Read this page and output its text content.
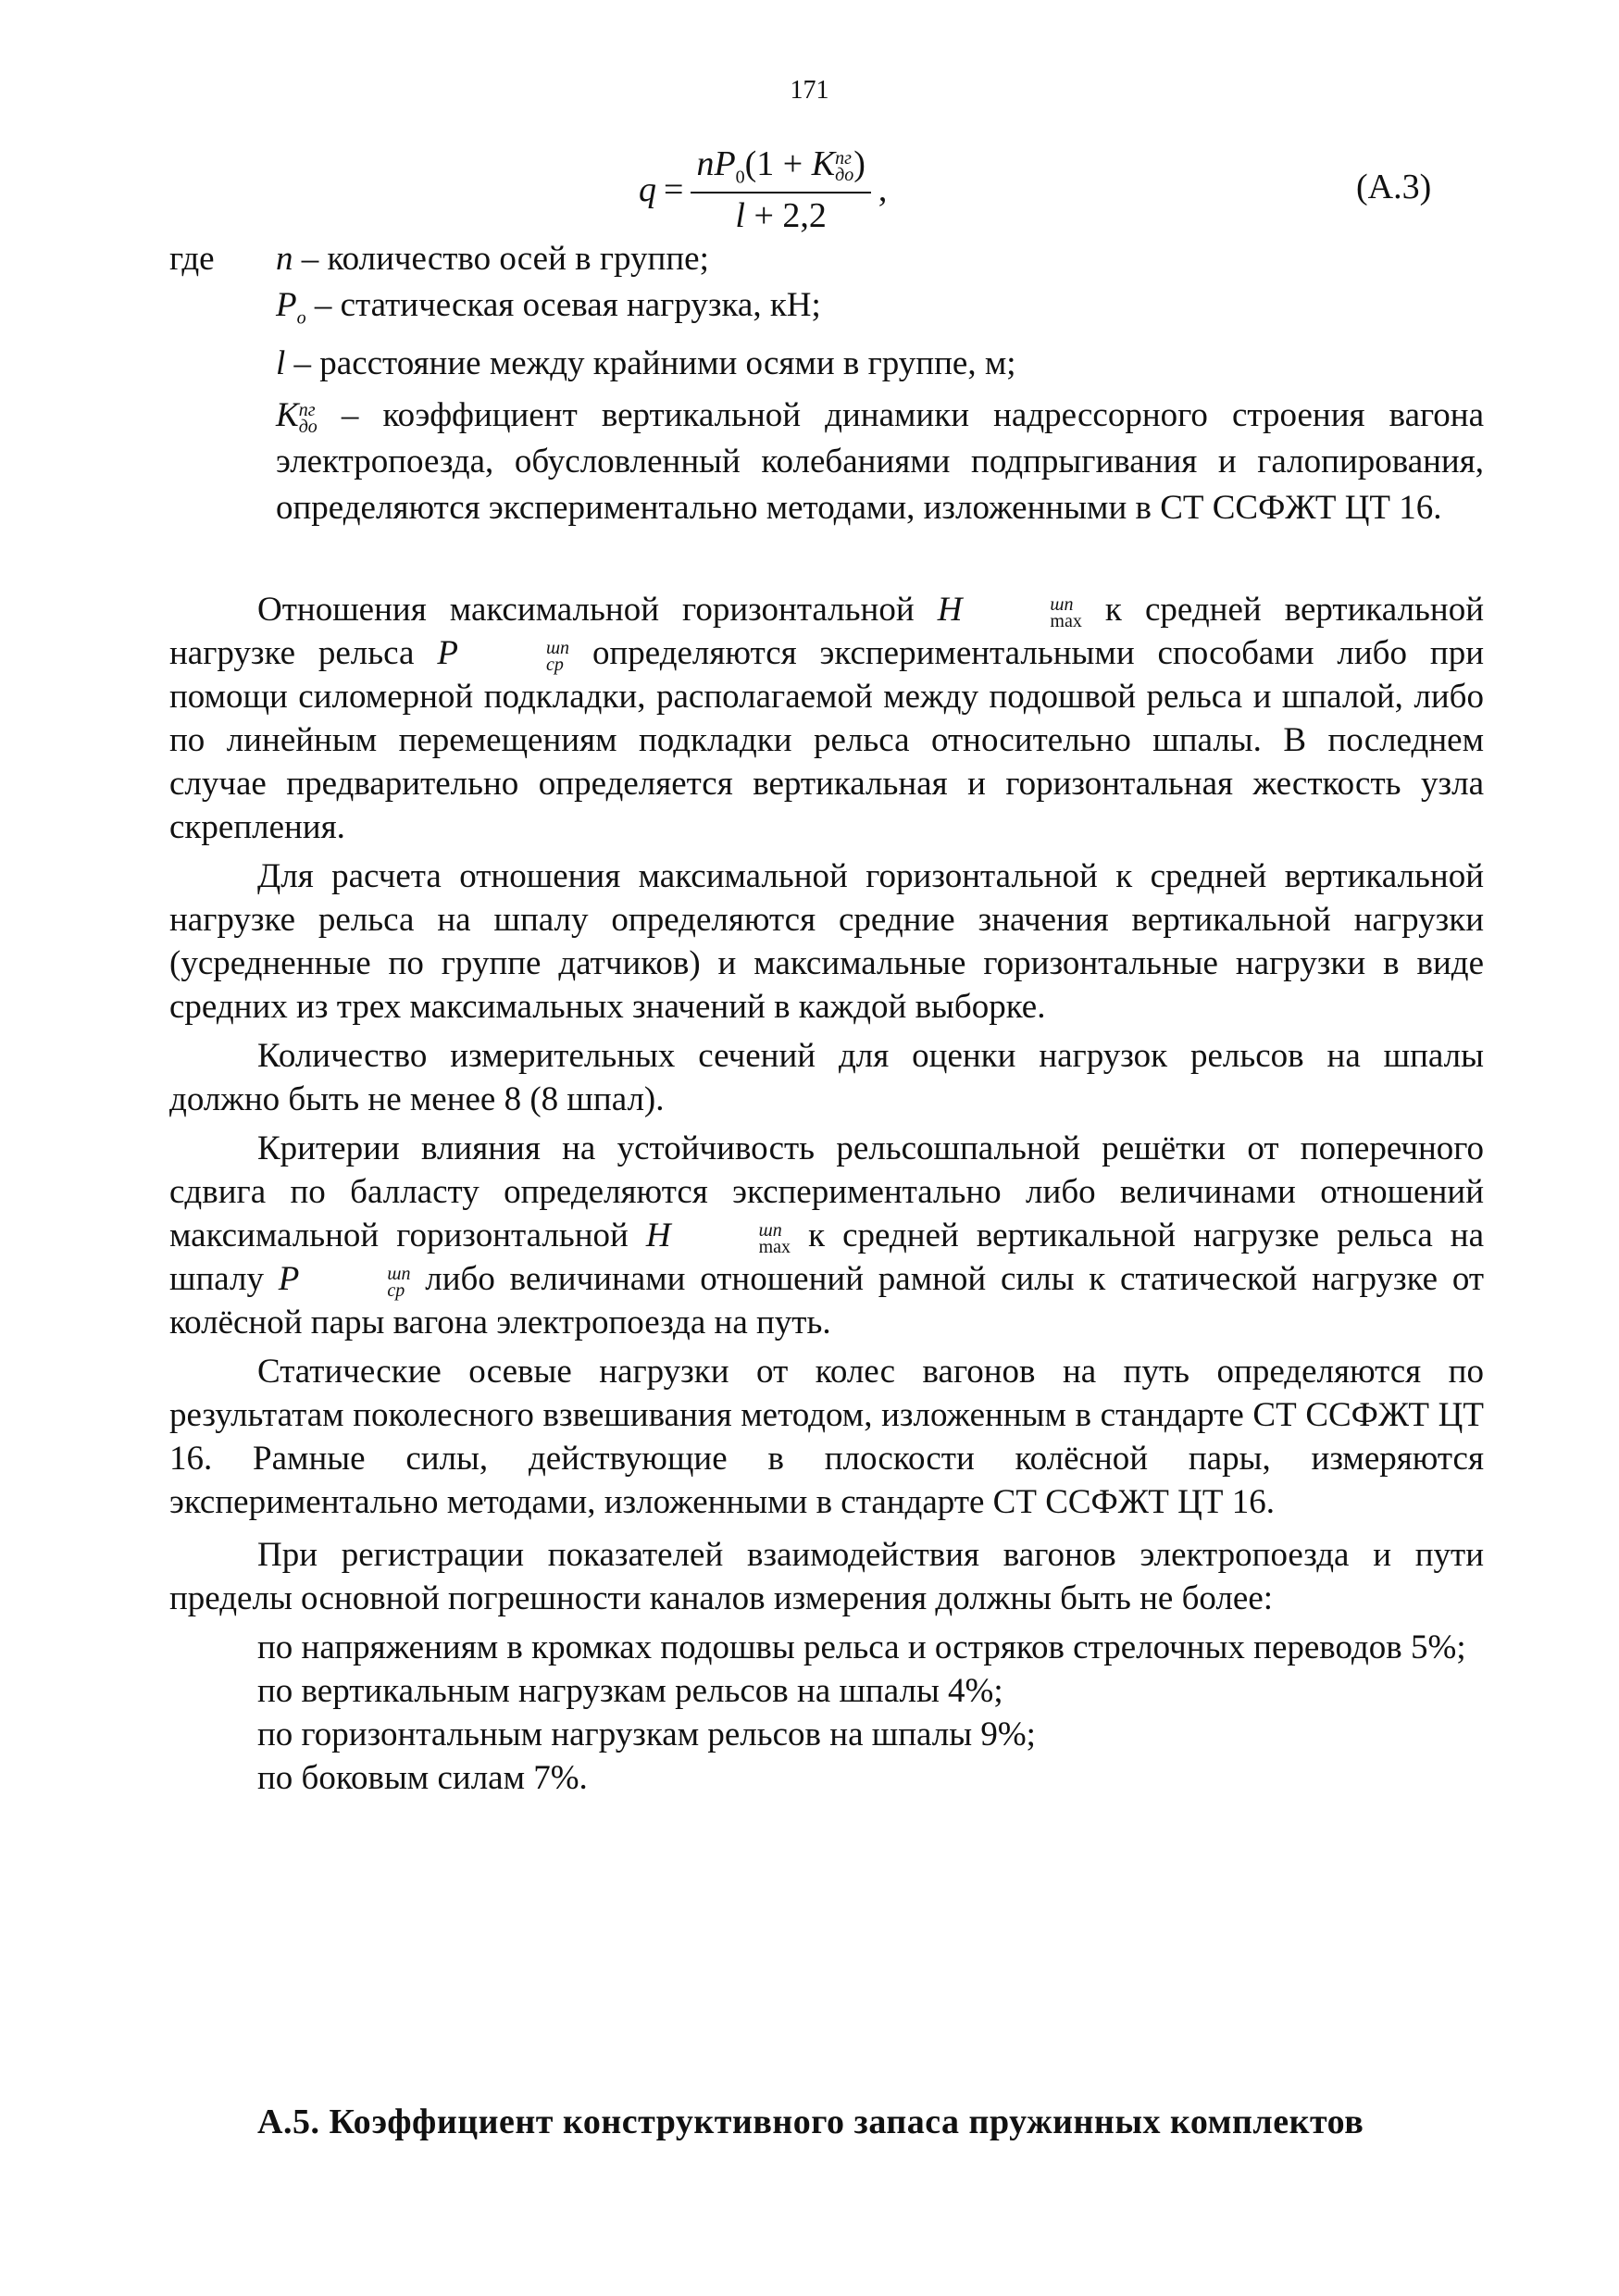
171
$q = nP_0(1 + K$ пг
до )
l + 2,2 ,	(А.3)
где	n – количество осей в группе;
$P_o$ – статическая осевая нагрузка, кН;
l – расстояние между крайними осями в группе, м;
K пг
до – коэффициент вертикальной динамики надрессорного строения вагона электропоезда, обусловленный колебаниями подпрыгивания и галопирования, определяются экспериментально методами, изложенными в СТ ССФЖТ ЦТ 16.

Отношения максимальной горизонтальной H	шп
max к средней вертикальной нагрузке рельса P	шп
ср определяются экспериментальными способами либо при помощи силомерной подкладки, располагаемой между подошвой рельса и шпалой, либо по линейным перемещениям подкладки рельса относительно шпалы. В последнем случае предварительно определяется вертикальная и горизонтальная жесткость узла скрепления.

Для расчета отношения максимальной горизонтальной к средней вертикальной нагрузке рельса на шпалу определяются средние значения вертикальной нагрузки (усредненные по группе датчиков) и максимальные горизонтальные нагрузки в виде средних из трех максимальных значений в каждой выборке.

Количество измерительных сечений для оценки нагрузок рельсов на шпалы должно быть не менее 8 (8 шпал).

Критерии влияния на устойчивость рельсошпальной решётки от поперечного сдвига по балласту определяются экспериментально либо величинами отношений максимальной горизонтальной H	шп
max к средней вертикальной нагрузке рельса на шпалу P	шп
ср либо величинами отношений рамной силы к статической нагрузке от колёсной пары вагона электропоезда на путь.

Статические осевые нагрузки от колес вагонов на путь определяются по результатам поколесного взвешивания методом, изложенным в стандарте СТ ССФЖТ ЦТ 16. Рамные силы, действующие в плоскости колёсной пары, измеряются экспериментально методами, изложенными в стандарте СТ ССФЖТ ЦТ 16.

При регистрации показателей взаимодействия вагонов электропоезда и пути пределы основной погрешности каналов измерения должны быть не более:

по напряжениям в кромках подошвы рельса и остряков стрелочных переводов 5%;

по вертикальным нагрузкам рельсов на шпалы 4%;

по горизонтальным нагрузкам рельсов на шпалы 9%;

по боковым силам 7%.

А.5. Коэффициент конструктивного запаса пружинных комплектов
